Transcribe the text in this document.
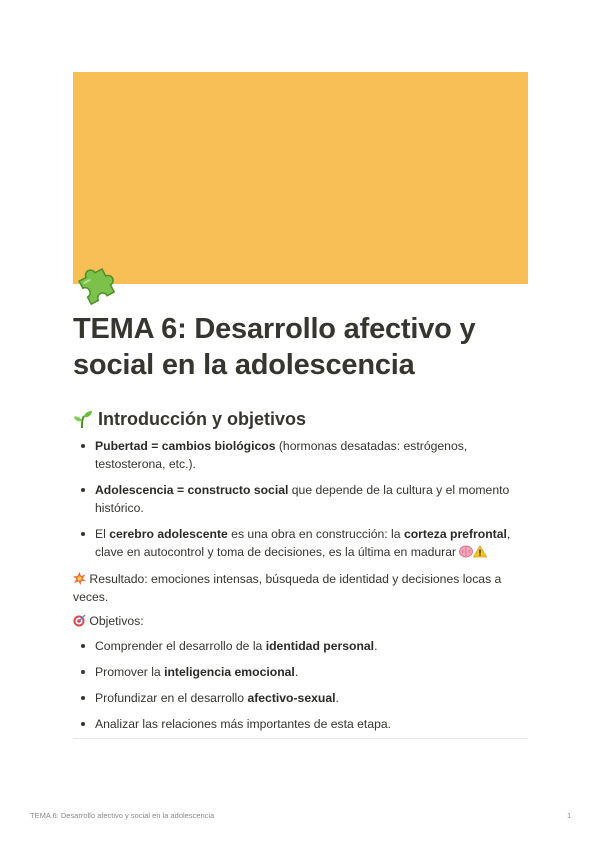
TEMA 6: Desarrollo afectivo y social en la adolescencia
Introducción y objetivos
Pubertad = cambios biológicos (hormonas desatadas: estrógenos, testosterona, etc.).
Adolescencia = constructo social que depende de la cultura y el momento histórico.
El cerebro adolescente es una obra en construcción: la corteza prefrontal, clave en autocontrol y toma de decisiones, es la última en madurar

Resultado: emociones intensas, búsqueda de identidad y decisiones locas a veces.

Objetivos:

Comprender el desarrollo de la identidad personal.
Promover la inteligencia emocional.
Profundizar en el desarrollo afectivo-sexual.
Analizar las relaciones más importantes de esta etapa.
TEMA 6: Desarrollo afectivo y social en la adolescencia	1
